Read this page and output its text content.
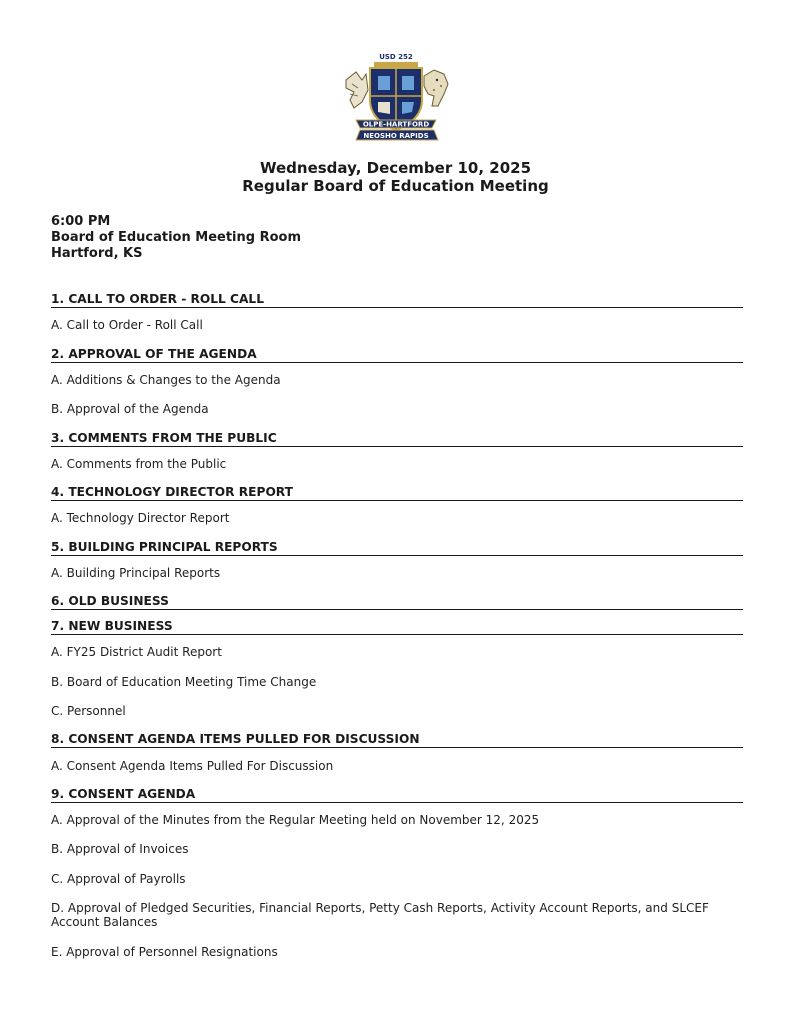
USD 252
OLPE-HARTFORD
NEOSHO RAPIDS
Wednesday, December 10, 2025
Regular Board of Education Meeting
6:00 PM
Board of Education Meeting Room
Hartford, KS
1. CALL TO ORDER - ROLL CALL
A. Call to Order - Roll Call
2. APPROVAL OF THE AGENDA
A. Additions & Changes to the Agenda
B. Approval of the Agenda
3. COMMENTS FROM THE PUBLIC
A. Comments from the Public
4. TECHNOLOGY DIRECTOR REPORT
A. Technology Director Report
5. BUILDING PRINCIPAL REPORTS
A. Building Principal Reports
6. OLD BUSINESS
7. NEW BUSINESS
A. FY25 District Audit Report
B. Board of Education Meeting Time Change
C. Personnel
8. CONSENT AGENDA ITEMS PULLED FOR DISCUSSION
A. Consent Agenda Items Pulled For Discussion
9. CONSENT AGENDA
A. Approval of the Minutes from the Regular Meeting held on November 12, 2025
B. Approval of Invoices
C. Approval of Payrolls
D. Approval of Pledged Securities, Financial Reports, Petty Cash Reports, Activity Account Reports, and SLCEF Account Balances
E. Approval of Personnel Resignations
